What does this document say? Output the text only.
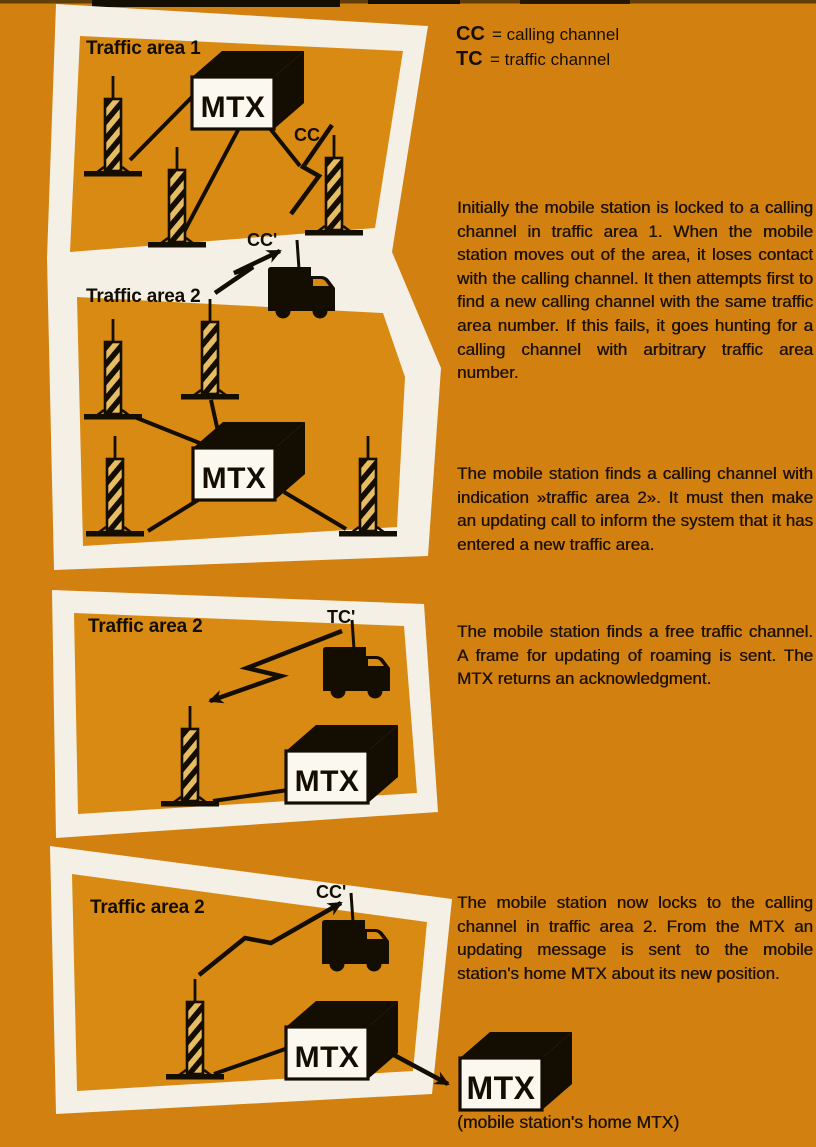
Traffic area 1
MTX
CC
CC'
Traffic area 2
MTX
Traffic area 2	TC'
MTX
Traffic area 2
CC'
MTX
MTX
CC = calling channel
TC = traffic channel
Initially the mobile station is locked to a calling channel in traffic area 1. When the mobile station moves out of the area, it loses contact with the calling channel. It then attempts first to find a new calling channel with the same traffic area number. If this fails, it goes hunting for a calling channel with arbitrary traffic area number.
The mobile station finds a calling channel with indication »traffic area 2». It must then make an updating call to inform the system that it has entered a new traffic area.
The mobile station finds a free traffic channel. A frame for updating of roaming is sent. The MTX returns an acknowledgment.
The mobile station now locks to the calling channel in traffic area 2. From the MTX an updating message is sent to the mobile station's home MTX about its new position.
(mobile station's home MTX)
